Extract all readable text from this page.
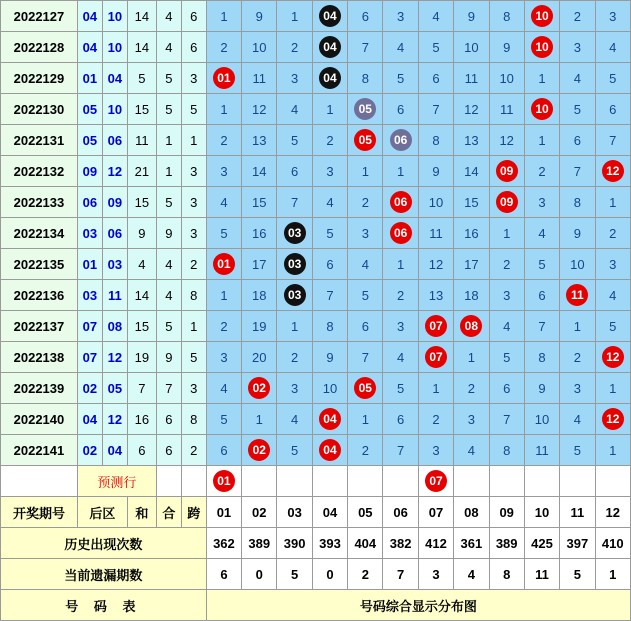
2022127	04	10	14	4	6	1	9	1	04	6	3	4	9	8	10	2	3
2022128	04	10	14	4	6	2	10	2	04	7	4	5	10	9	10	3	4
2022129	01	04	5	5	3	01	11	3	04	8	5	6	11	10	1	4	5
2022130	05	10	15	5	5	1	12	4	1	05	6	7	12	11	10	5	6
2022131	05	06	11	1	1	2	13	5	2	05	06	8	13	12	1	6	7
2022132	09	12	21	1	3	3	14	6	3	1	1	9	14	09	2	7	12
2022133	06	09	15	5	3	4	15	7	4	2	06	10	15	09	3	8	1
2022134	03	06	9	9	3	5	16	03	5	3	06	11	16	1	4	9	2
2022135	01	03	4	4	2	01	17	03	6	4	1	12	17	2	5	10	3
2022136	03	11	14	4	8	1	18	03	7	5	2	13	18	3	6	11	4
2022137	07	08	15	5	1	2	19	1	8	6	3	07	08	4	7	1	5
2022138	07	12	19	9	5	3	20	2	9	7	4	07	1	5	8	2	12
2022139	02	05	7	7	3	4	02	3	10	05	5	1	2	6	9	3	1
2022140	04	12	16	6	8	5	1	4	04	1	6	2	3	7	10	4	12
2022141	02	04	6	6	2	6	02	5	04	2	7	3	4	8	11	5	1
	预测行					01						07					
开奖期号	后区		和	合	跨	01	02	03	04	05	06	07	08	09	10	11	12
历史出现次数						362	389	390	393	404	382	412	361	389	425	397	410
当前遗漏期数						6	0	5	0	2	7	3	4	8	11	5	1
号 码 表						号码综合显示分布图											
